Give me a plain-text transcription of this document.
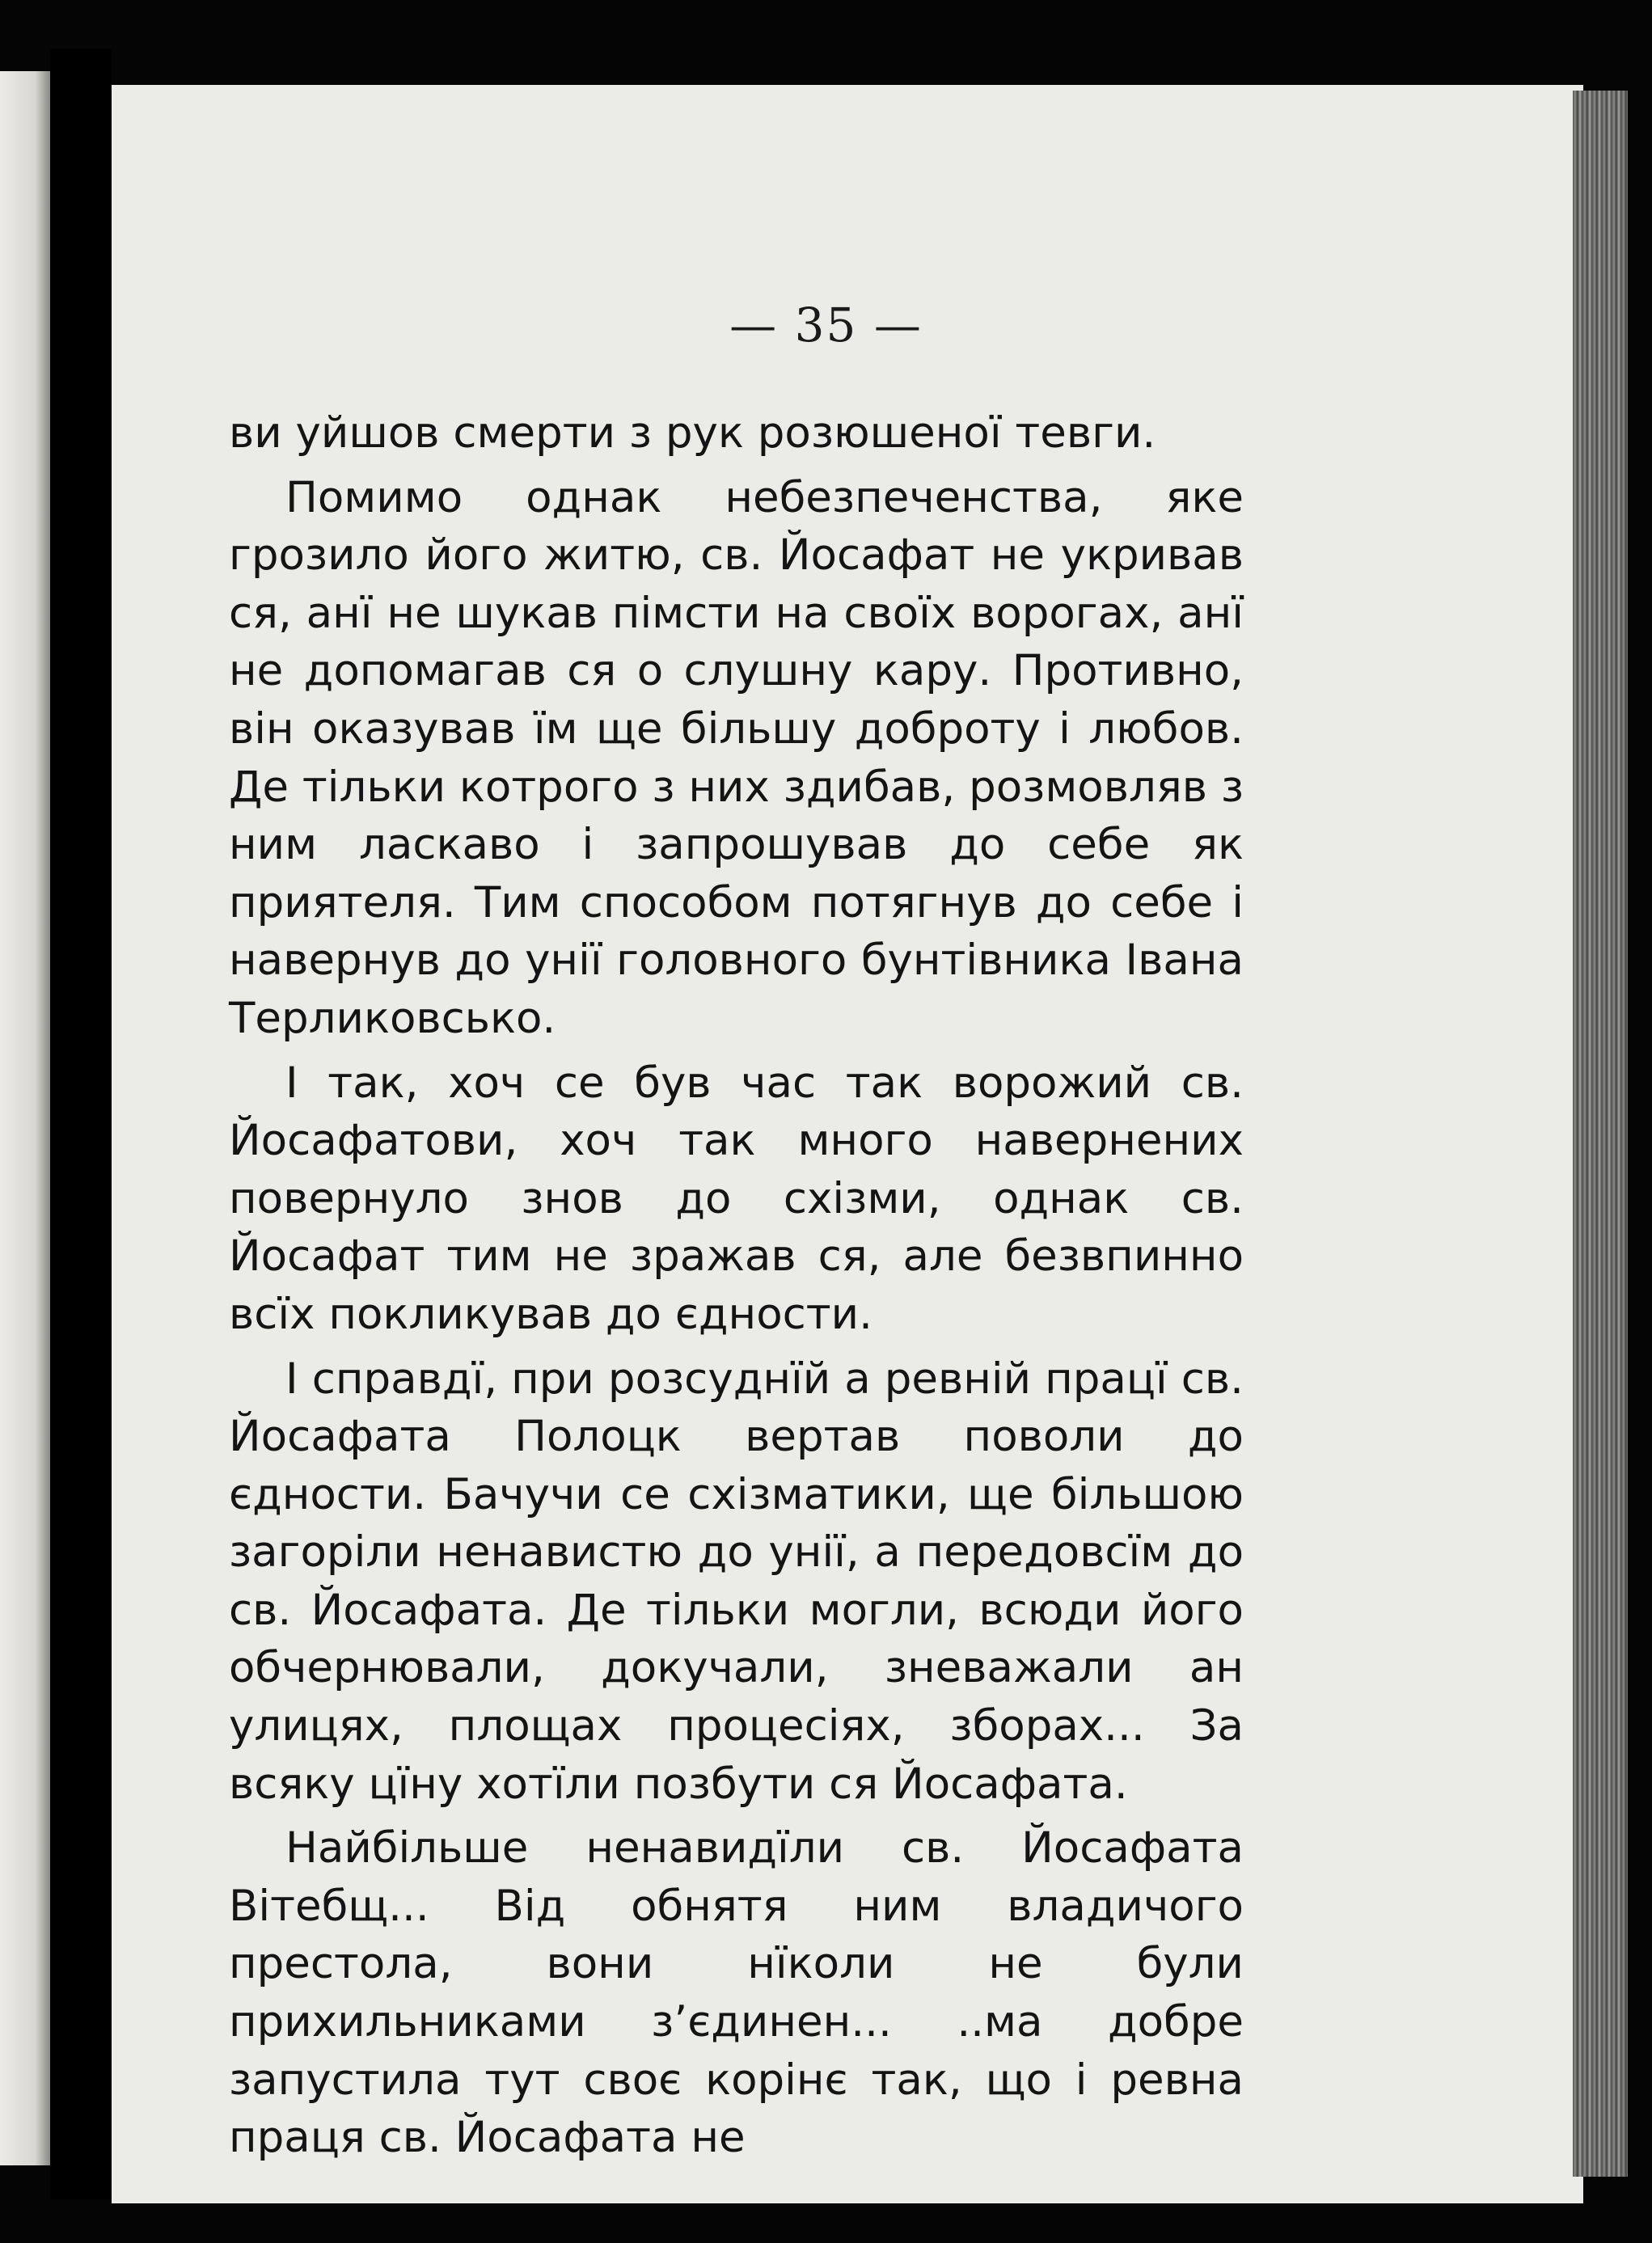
— 35 —

ви уйшов смерти з рук розюшеної тевги.

Помимо однак небезпеченства, яке грозило його житю, св. Йосафат не укривав ся, анї не шукав пімсти на своїх ворогах, анї не допомагав ся о слушну кару. Противно, він оказував їм ще більшу доброту і любов. Де тільки котрого з них здибав, розмовляв з ним ласкаво і запрошував до себе як приятеля. Тим способом потягнув до себе і навернув до унії головного бунтівника Івана Терликовсько.

І так, хоч се був час так ворожий св. Йосафатови, хоч так много навернених повернуло знов до схізми, однак св. Йосафат тим не зражав ся, але безвпинно всїх покликував до єдности.

І справдї, при розсуднїй а ревній працї св. Йосафата Полоцк вертав поволи до єдности. Бачучи се схізматики, ще більшою загоріли ненавистю до унії, а передовсїм до св. Йосафата. Де тільки могли, всюди його обчернювали, докучали, зневажали ан улицях, площах процесіях, зборах... За всяку цїну хотїли позбути ся Йосафата.

Найбільше ненавидїли св. Йосафата Вітебщ... Від обнятя ним владичого престола, вони нїколи не були прихильниками з’єдинен... ..ма добре запустила тут своє корінє так, що і ревна праця св. Йосафата не
